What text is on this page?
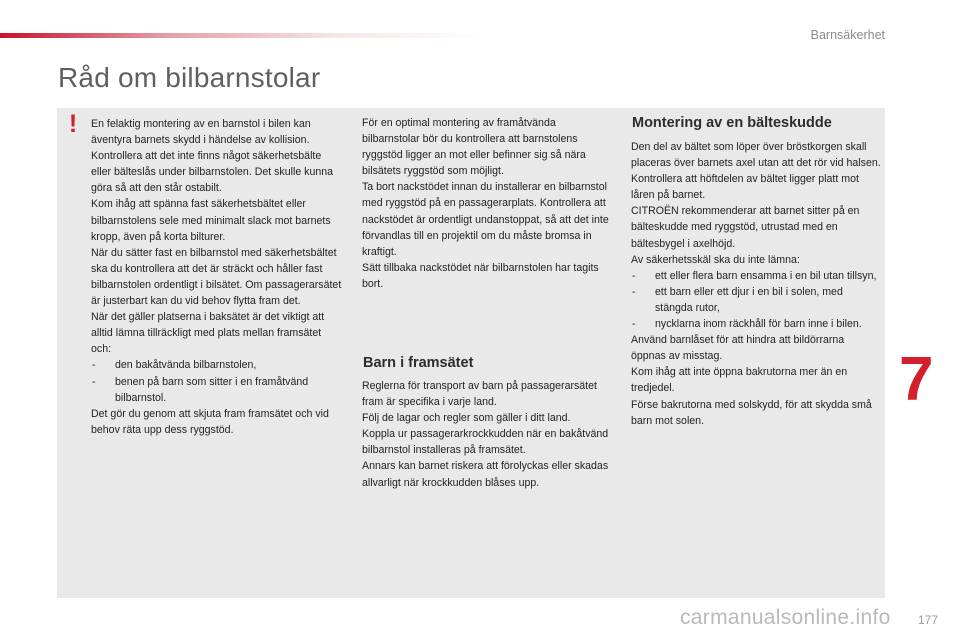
Barnsäkerhet
Råd om bilbarnstolar
!	En felaktig montering av en barnstol i bilen kan äventyra barnets skydd i händelse av kollision.

Kontrollera att det inte finns något säkerhetsbälte eller bälteslås under bilbarnstolen. Det skulle kunna göra så att den står ostabilt.

Kom ihåg att spänna fast säkerhetsbältet eller bilbarnstolens sele med minimalt slack mot barnets kropp, även på korta bilturer.

När du sätter fast en bilbarnstol med säkerhetsbältet ska du kontrollera att det är sträckt och håller fast bilbarnstolen ordentligt i bilsätet. Om passagerarsätet är justerbart kan du vid behov flytta fram det.

När det gäller platserna i baksätet är det viktigt att alltid lämna tillräckligt med plats mellan framsätet och:

- den bakåtvända bilbarnstolen,
- benen på barn som sitter i en framåtvänd bilbarnstol.

Det gör du genom att skjuta fram framsätet och vid behov räta upp dess ryggstöd.

För en optimal montering av framåtvända bilbarnstolar bör du kontrollera att barnstolens ryggstöd ligger an mot eller befinner sig så nära bilsätets ryggstöd som möjligt.

Ta bort nackstödet innan du installerar en bilbarnstol med ryggstöd på en passagerarplats. Kontrollera att nackstödet är ordentligt undanstoppat, så att det inte förvandlas till en projektil om du måste bromsa in kraftigt.

Sätt tillbaka nackstödet när bilbarnstolen har tagits bort.

Barn i framsätet

Reglerna för transport av barn på passagerarsätet fram är specifika i varje land.

Följ de lagar och regler som gäller i ditt land.

Koppla ur passagerarkrockkudden när en bakåtvänd bilbarnstol installeras på framsätet.

Annars kan barnet riskera att förolyckas eller skadas allvarligt när krockkudden blåses upp.

Montering av en bälteskudde

Den del av bältet som löper över bröstkorgen skall placeras över barnets axel utan att det rör vid halsen.

Kontrollera att höftdelen av bältet ligger platt mot låren på barnet.

CITROËN rekommenderar att barnet sitter på en bälteskudde med ryggstöd, utrustad med en bältesbygel i axelhöjd.

Av säkerhetsskäl ska du inte lämna:

- ett eller flera barn ensamma i en bil utan tillsyn,
- ett barn eller ett djur i en bil i solen, med stängda rutor,
- nycklarna inom räckhåll för barn inne i bilen.

Använd barnlåset för att hindra att bildörrarna öppnas av misstag.

Kom ihåg att inte öppna bakrutorna mer än en tredjedel.

Förse bakrutorna med solskydd, för att skydda små barn mot solen.

7
177
carmanualsonline.info
